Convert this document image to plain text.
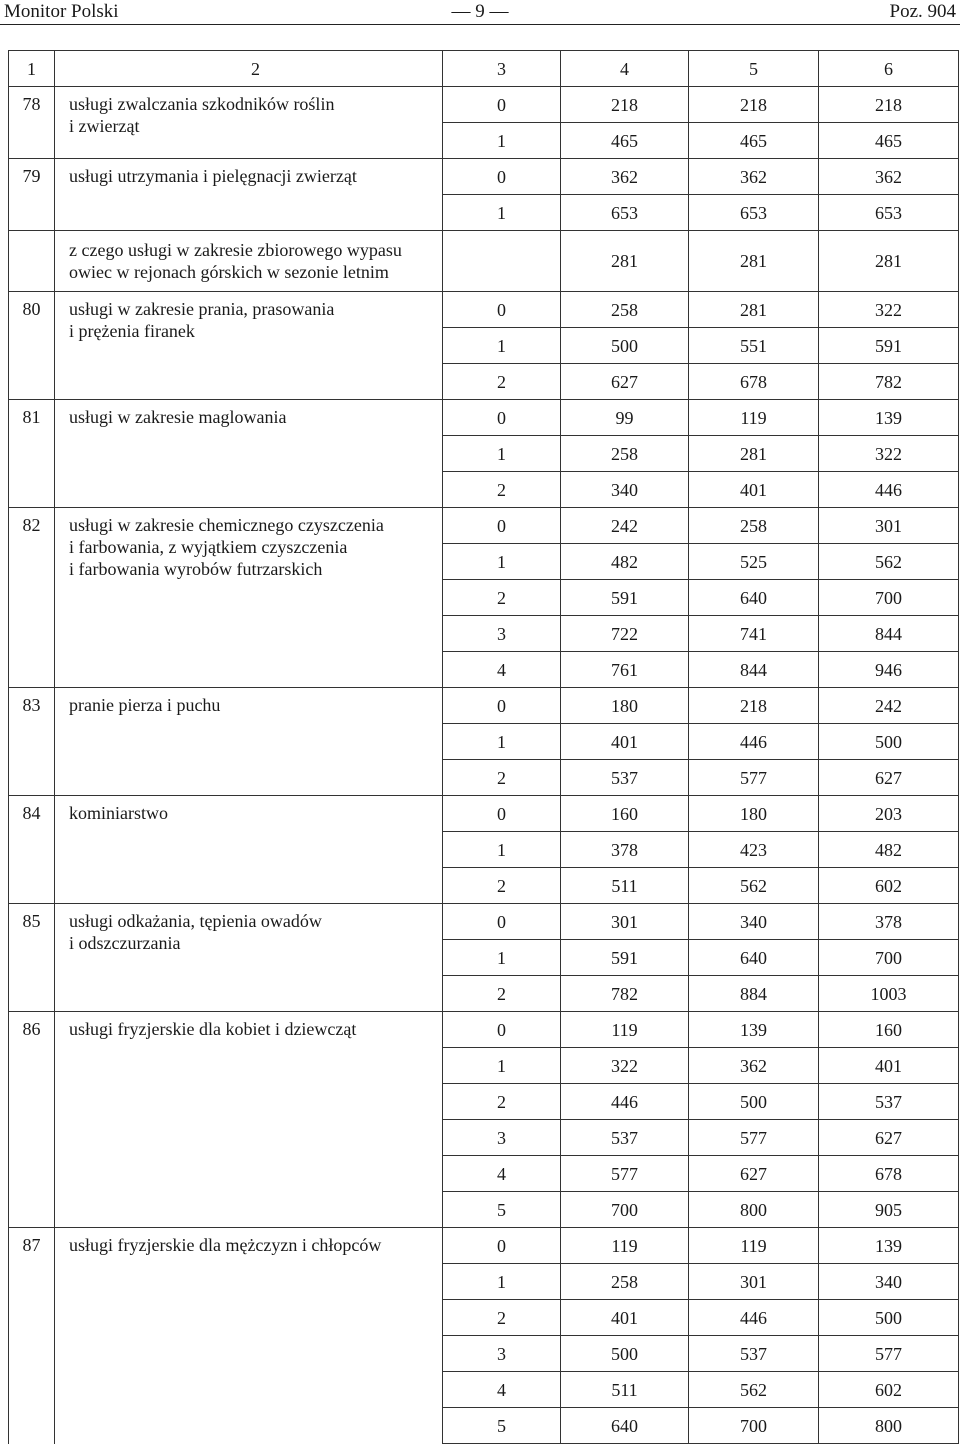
Monitor Polski	— 9 —	Poz. 904
1	2	3	4	5	6
78	usługi zwalczania szkodników roślin
i zwierząt	0	218	218	218
		1	465	465	465
79	usługi utrzymania i pielęgnacji zwierząt	0	362	362	362
		1	653	653	653

	z czego usługi w zakresie zbiorowego wypasu
owiec w rejonach górskich w sezonie letnim		281	281	281
80	usługi w zakresie prania, prasowania
i prężenia firanek	0	258	281	322
		1	500	551	591
		2	627	678	782
81	usługi w zakresie maglowania	0	99	119	139
		1	258	281	322
		2	340	401	446
82	usługi w zakresie chemicznego czyszczenia
i farbowania, z wyjątkiem czyszczenia
i farbowania wyrobów futrzarskich	0	242	258	301
		1	482	525	562
		2	591	640	700
		3	722	741	844
		4	761	844	946
83	pranie pierza i puchu	0	180	218	242
		1	401	446	500
		2	537	577	627
84	kominiarstwo	0	160	180	203
		1	378	423	482
		2	511	562	602
85	usługi odkażania, tępienia owadów
i odszczurzania	0	301	340	378
		1	591	640	700
		2	782	884	1003
86	usługi fryzjerskie dla kobiet i dziewcząt	0	119	139	160
		1	322	362	401
		2	446	500	537
		3	537	577	627
		4	577	627	678
		5	700	800	905
87	usługi fryzjerskie dla mężczyzn i chłopców	0	119	119	139
		1	258	301	340
		2	401	446	500
		3	500	537	577
		4	511	562	602
		5	640	700	800
